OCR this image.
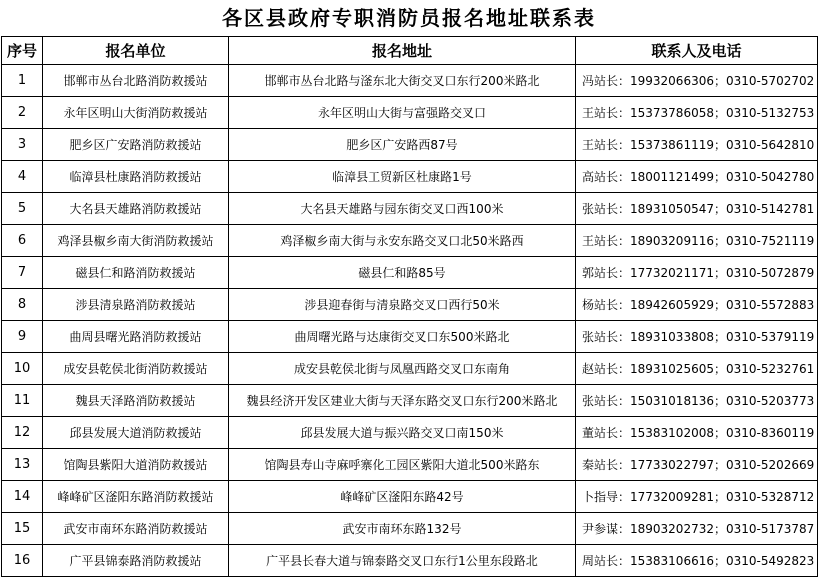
各区县政府专职消防员报名地址联系表
序号	报名单位	报名地址	联系人及电话
1	邯郸市丛台北路消防救援站	邯郸市丛台北路与滏东北大街交叉口东行200米路北	冯站长：19932066306；0310-5702702
2	永年区明山大街消防救援站	永年区明山大街与富强路交叉口	王站长：15373786058；0310-5132753
3	肥乡区广安路消防救援站	肥乡区广安路西87号	王站长：15373861119；0310-5642810
4	临漳县杜康路消防救援站	临漳县工贸新区杜康路1号	高站长：18001121499；0310-5042780
5	大名县天雄路消防救援站	大名县天雄路与园东街交叉口西100米	张站长：18931050547；0310-5142781
6	鸡泽县椒乡南大街消防救援站	鸡泽椒乡南大街与永安东路交叉口北50米路西	王站长：18903209116；0310-7521119
7	磁县仁和路消防救援站	磁县仁和路85号	郭站长：17732021171；0310-5072879
8	涉县清泉路消防救援站	涉县迎春街与清泉路交叉口西行50米	杨站长：18942605929；0310-5572883
9	曲周县曙光路消防救援站	曲周曙光路与达康街交叉口东500米路北	张站长：18931033808；0310-5379119
10	成安县乾侯北街消防救援站	成安县乾侯北街与凤凰西路交叉口东南角	赵站长：18931025605；0310-5232761
11	魏县天泽路消防救援站	魏县经济开发区建业大街与天泽东路交叉口东行200米路北	张站长：15031018136；0310-5203773
12	邱县发展大道消防救援站	邱县发展大道与振兴路交叉口南150米	董站长：15383102008；0310-8360119
13	馆陶县紫阳大道消防救援站	馆陶县寿山寺麻呼寨化工园区紫阳大道北500米路东	秦站长：17733022797；0310-5202669
14	峰峰矿区滏阳东路消防救援站	峰峰矿区滏阳东路42号	卜指导：17732009281；0310-5328712
15	武安市南环东路消防救援站	武安市南环东路132号	尹参谋：18903202732；0310-5173787
16	广平县锦泰路消防救援站	广平县长春大道与锦泰路交叉口东行1公里东段路北	周站长：15383106616；0310-5492823
